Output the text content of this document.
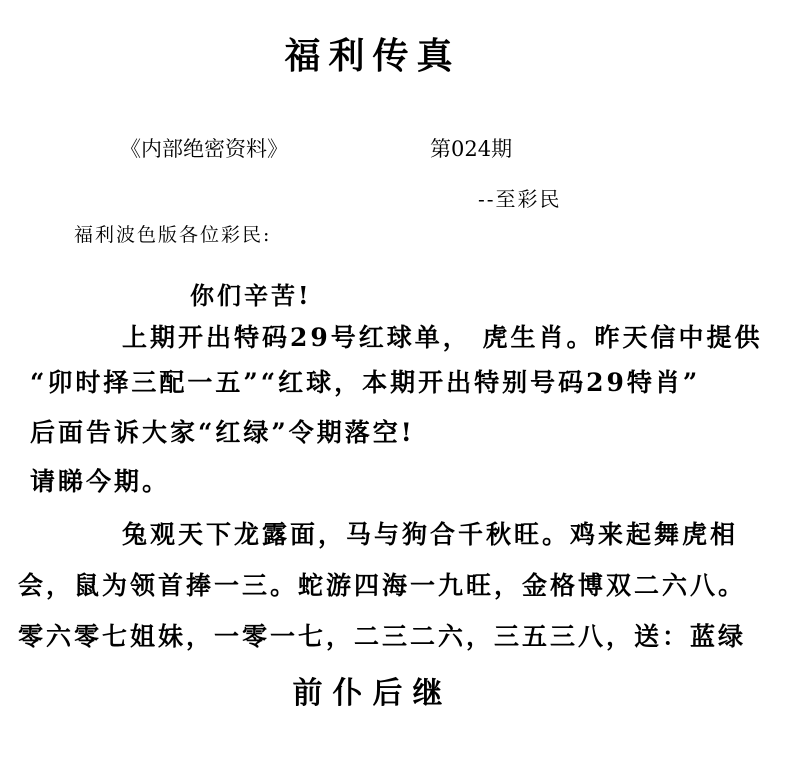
福利传真
《内部绝密资料》	第024期
--至彩民
福利波色版各位彩民:
你们辛苦!
上期开出特码29号红球单， 虎生肖。昨天信中提供
“卯时择三配一五”“红球，本期开出特别号码29特肖”
后面告诉大家“红绿”令期落空!
请睇今期。
兔观天下龙露面，马与狗合千秋旺。鸡来起舞虎相
会，鼠为领首捧一三。蛇游四海一九旺，金格博双二六八。
零六零七姐妹，一零一七，二三二六，三五三八，送：蓝绿
前仆后继
